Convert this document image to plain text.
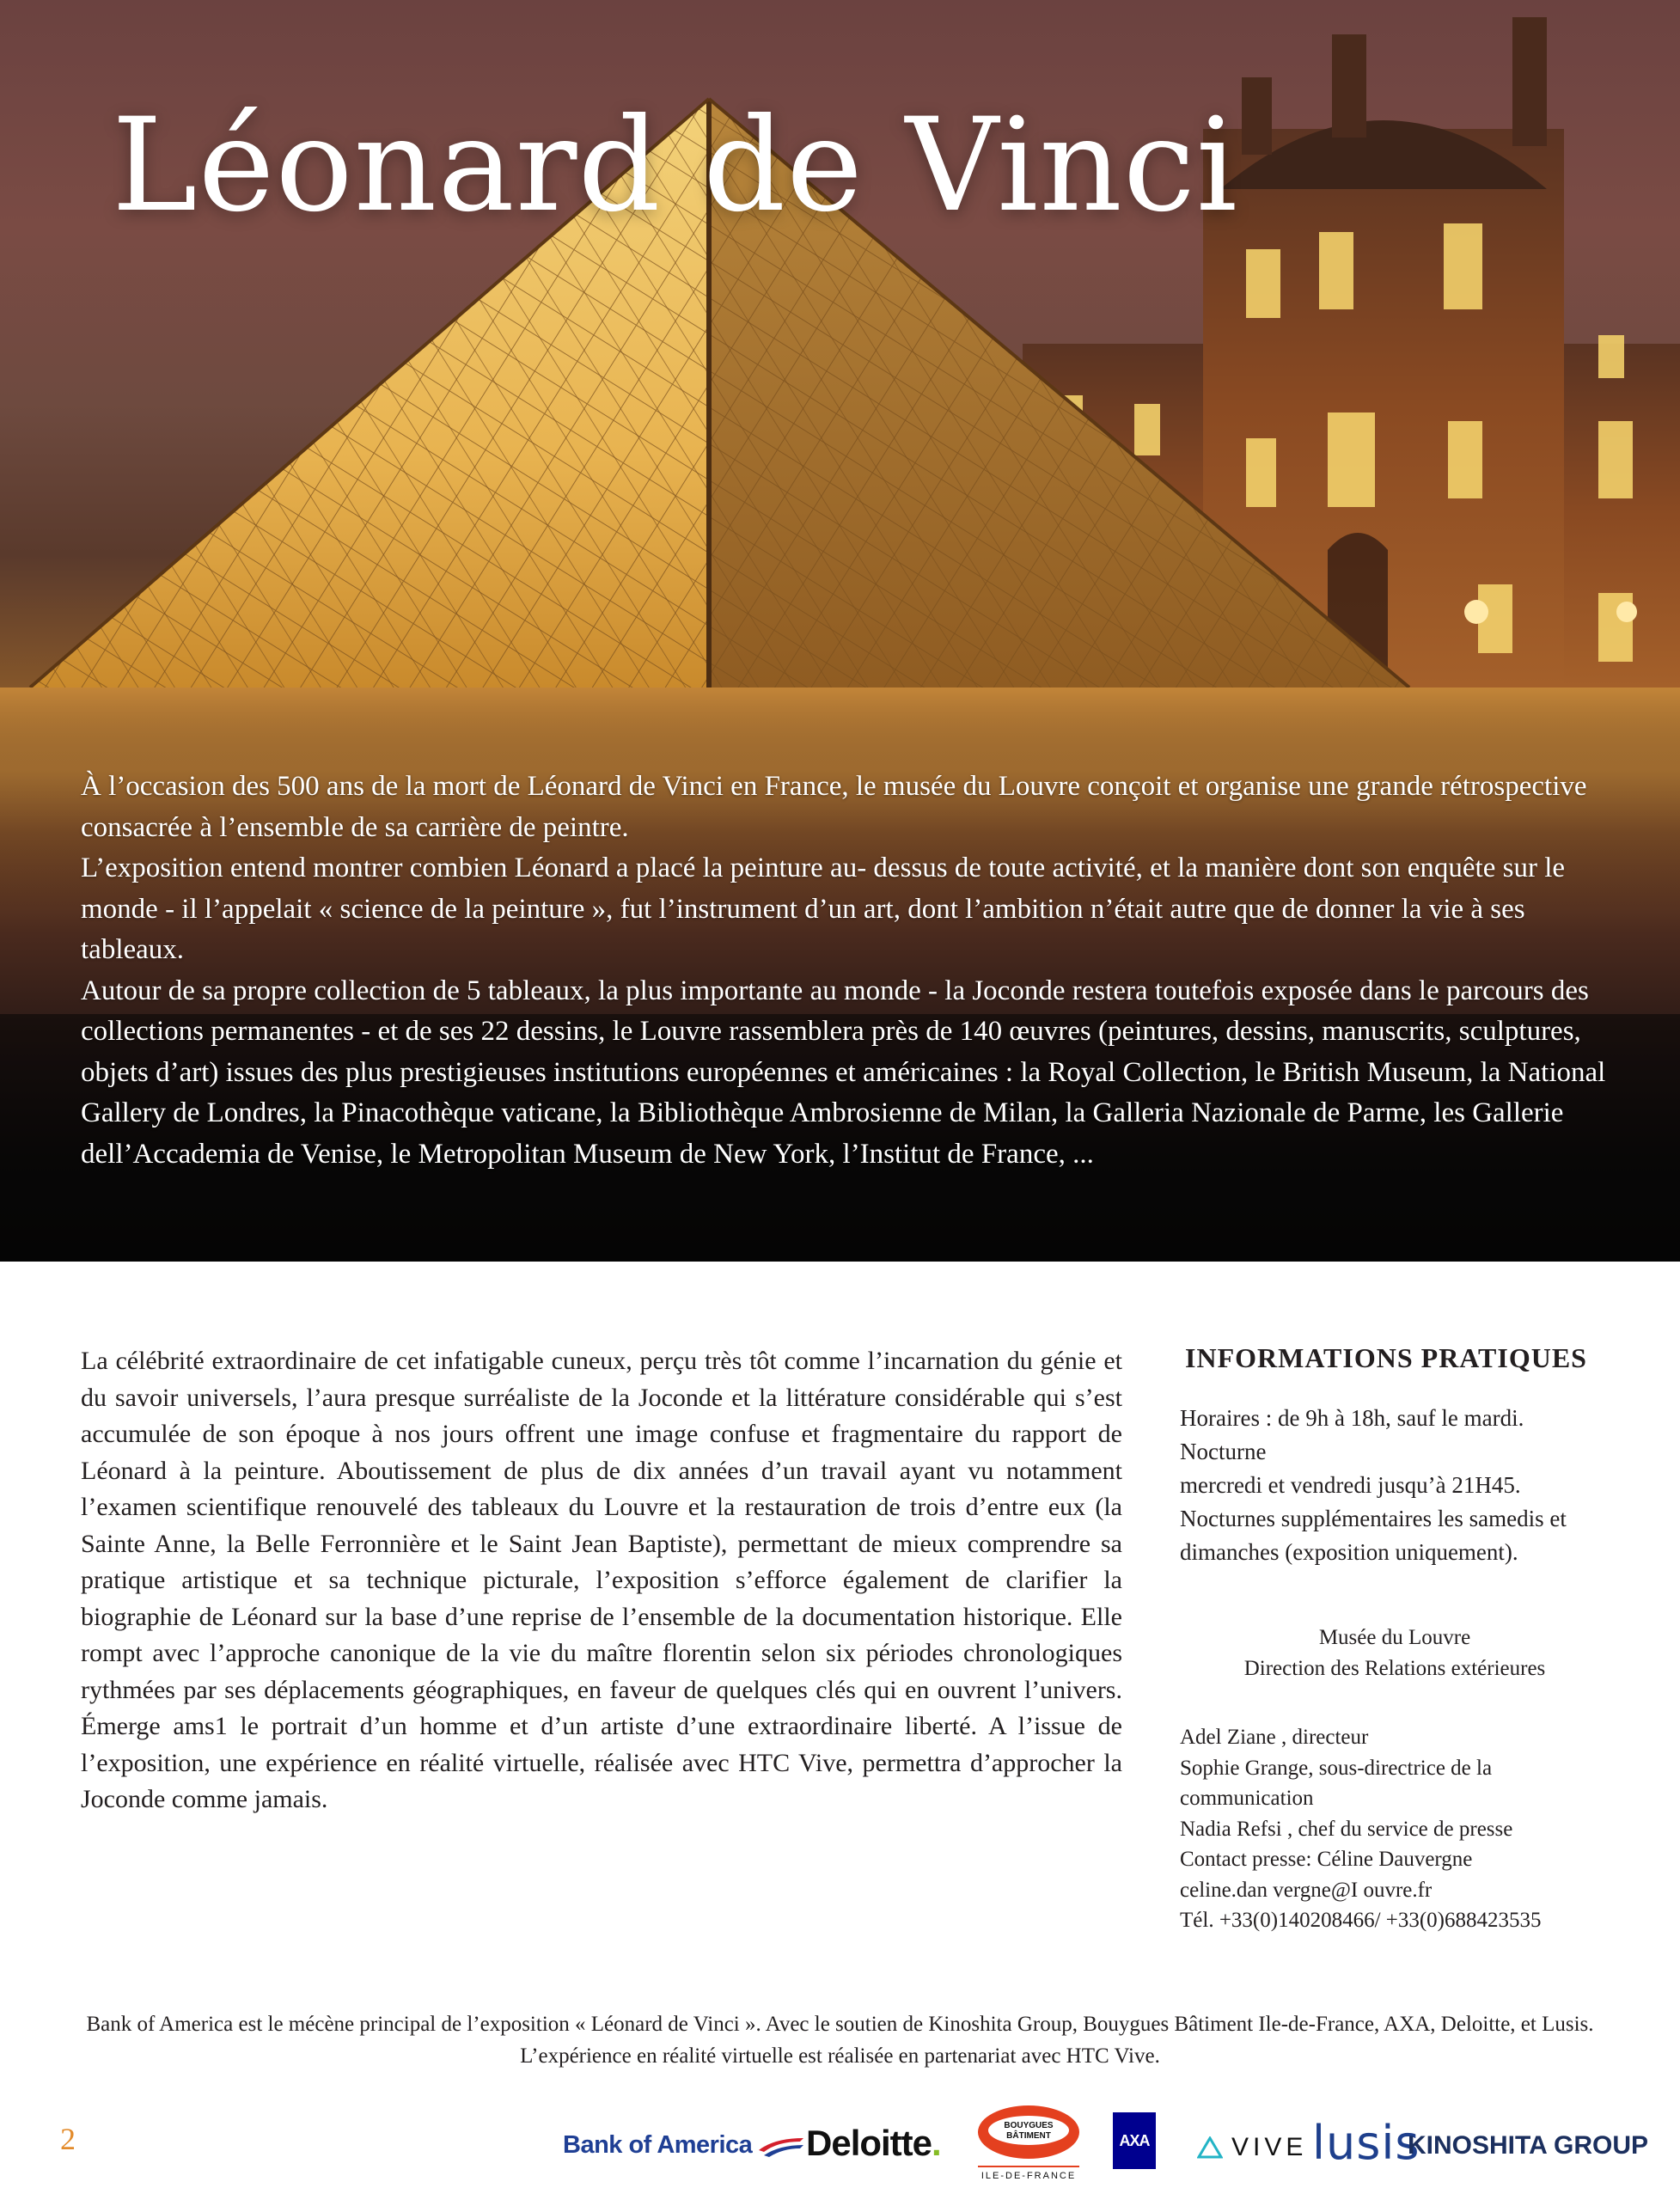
Léonard de Vinci

À l’occasion des 500 ans de la mort de Léonard de Vinci en France, le musée du Louvre conçoit et organise une grande rétrospective consacrée à l’ensemble de sa carrière de peintre.

L’exposition entend montrer combien Léonard a placé la peinture au- dessus de toute activité, et la manière dont son enquête sur le monde - il l’appelait « science de la peinture », fut l’instrument d’un art, dont l’ambition n’était autre que de donner la vie à ses tableaux.

Autour de sa propre collection de 5 tableaux, la plus importante au monde - la Joconde restera toutefois exposée dans le parcours des collections permanentes - et de ses 22 dessins, le Louvre rassemblera près de 140 œuvres (peintures, dessins, manuscrits, sculptures, objets d’art) issues des plus prestigieuses institutions européennes et américaines : la Royal Collection, le British Museum, la National Gallery de Londres, la Pinacothèque vaticane, la Bibliothèque Ambrosienne de Milan, la Galleria Nazionale de Parme, les Gallerie dell’Accademia de Venise, le Metropolitan Museum de New York, l’Institut de France, ...

La célébrité extraordinaire de cet infatigable cuneux, perçu très tôt comme l’incarnation du génie et du savoir universels, l’aura presque surréaliste de la Joconde et la littérature considérable qui s’est accumulée de son époque à nos jours offrent une image confuse et fragmentaire du rapport de Léonard à la peinture. Aboutissement de plus de dix années d’un travail ayant vu notamment l’examen scientifique renouvelé des tableaux du Louvre et la restauration de trois d’entre eux (la Sainte Anne, la Belle Ferronnière et le Saint Jean Baptiste), permettant de mieux comprendre sa pratique artistique et sa technique picturale, l’exposition s’efforce également de clarifier la biographie de Léonard sur la base d’une reprise de l’ensemble de la documentation historique. Elle rompt avec l’approche canonique de la vie du maître florentin selon six périodes chronologiques rythmées par ses déplacements géographiques, en faveur de quelques clés qui en ouvrent l’univers. Émerge ams1 le portrait d’un homme et d’un artiste d’une extraordinaire liberté. A l’issue de l’exposition, une expérience en réalité virtuelle, réalisée avec HTC Vive, permettra d’approcher la Joconde comme jamais.

INFORMATIONS PRATIQUES

Horaires : de 9h à 18h, sauf le mardi.

Nocturne

mercredi et vendredi jusqu’à 21H45.

Nocturnes supplémentaires les samedis et dimanches (exposition uniquement).

Musée du Louvre

Direction des Relations extérieures

Adel Ziane , directeur

Sophie Grange, sous-directrice de la communication

Nadia Refsi , chef du service de presse

Contact presse: Céline Dauvergne

celine.dan vergne@I ouvre.fr

Tél. +33(0)140208466/ +33(0)688423535

Bank of America est le mécène principal de l’exposition « Léonard de Vinci ». Avec le soutien de Kinoshita Group, Bouygues Bâtiment Ile-de-France, AXA, Deloitte, et Lusis. L’expérience en réalité virtuelle est réalisée en partenariat avec HTC Vive.

2	Bank of America	Deloitte.	BOUYGUES
BÂTIMENT
ILE-DE-FRANCE
AXA	VIVE lusis
KINOSHITA GROUP
